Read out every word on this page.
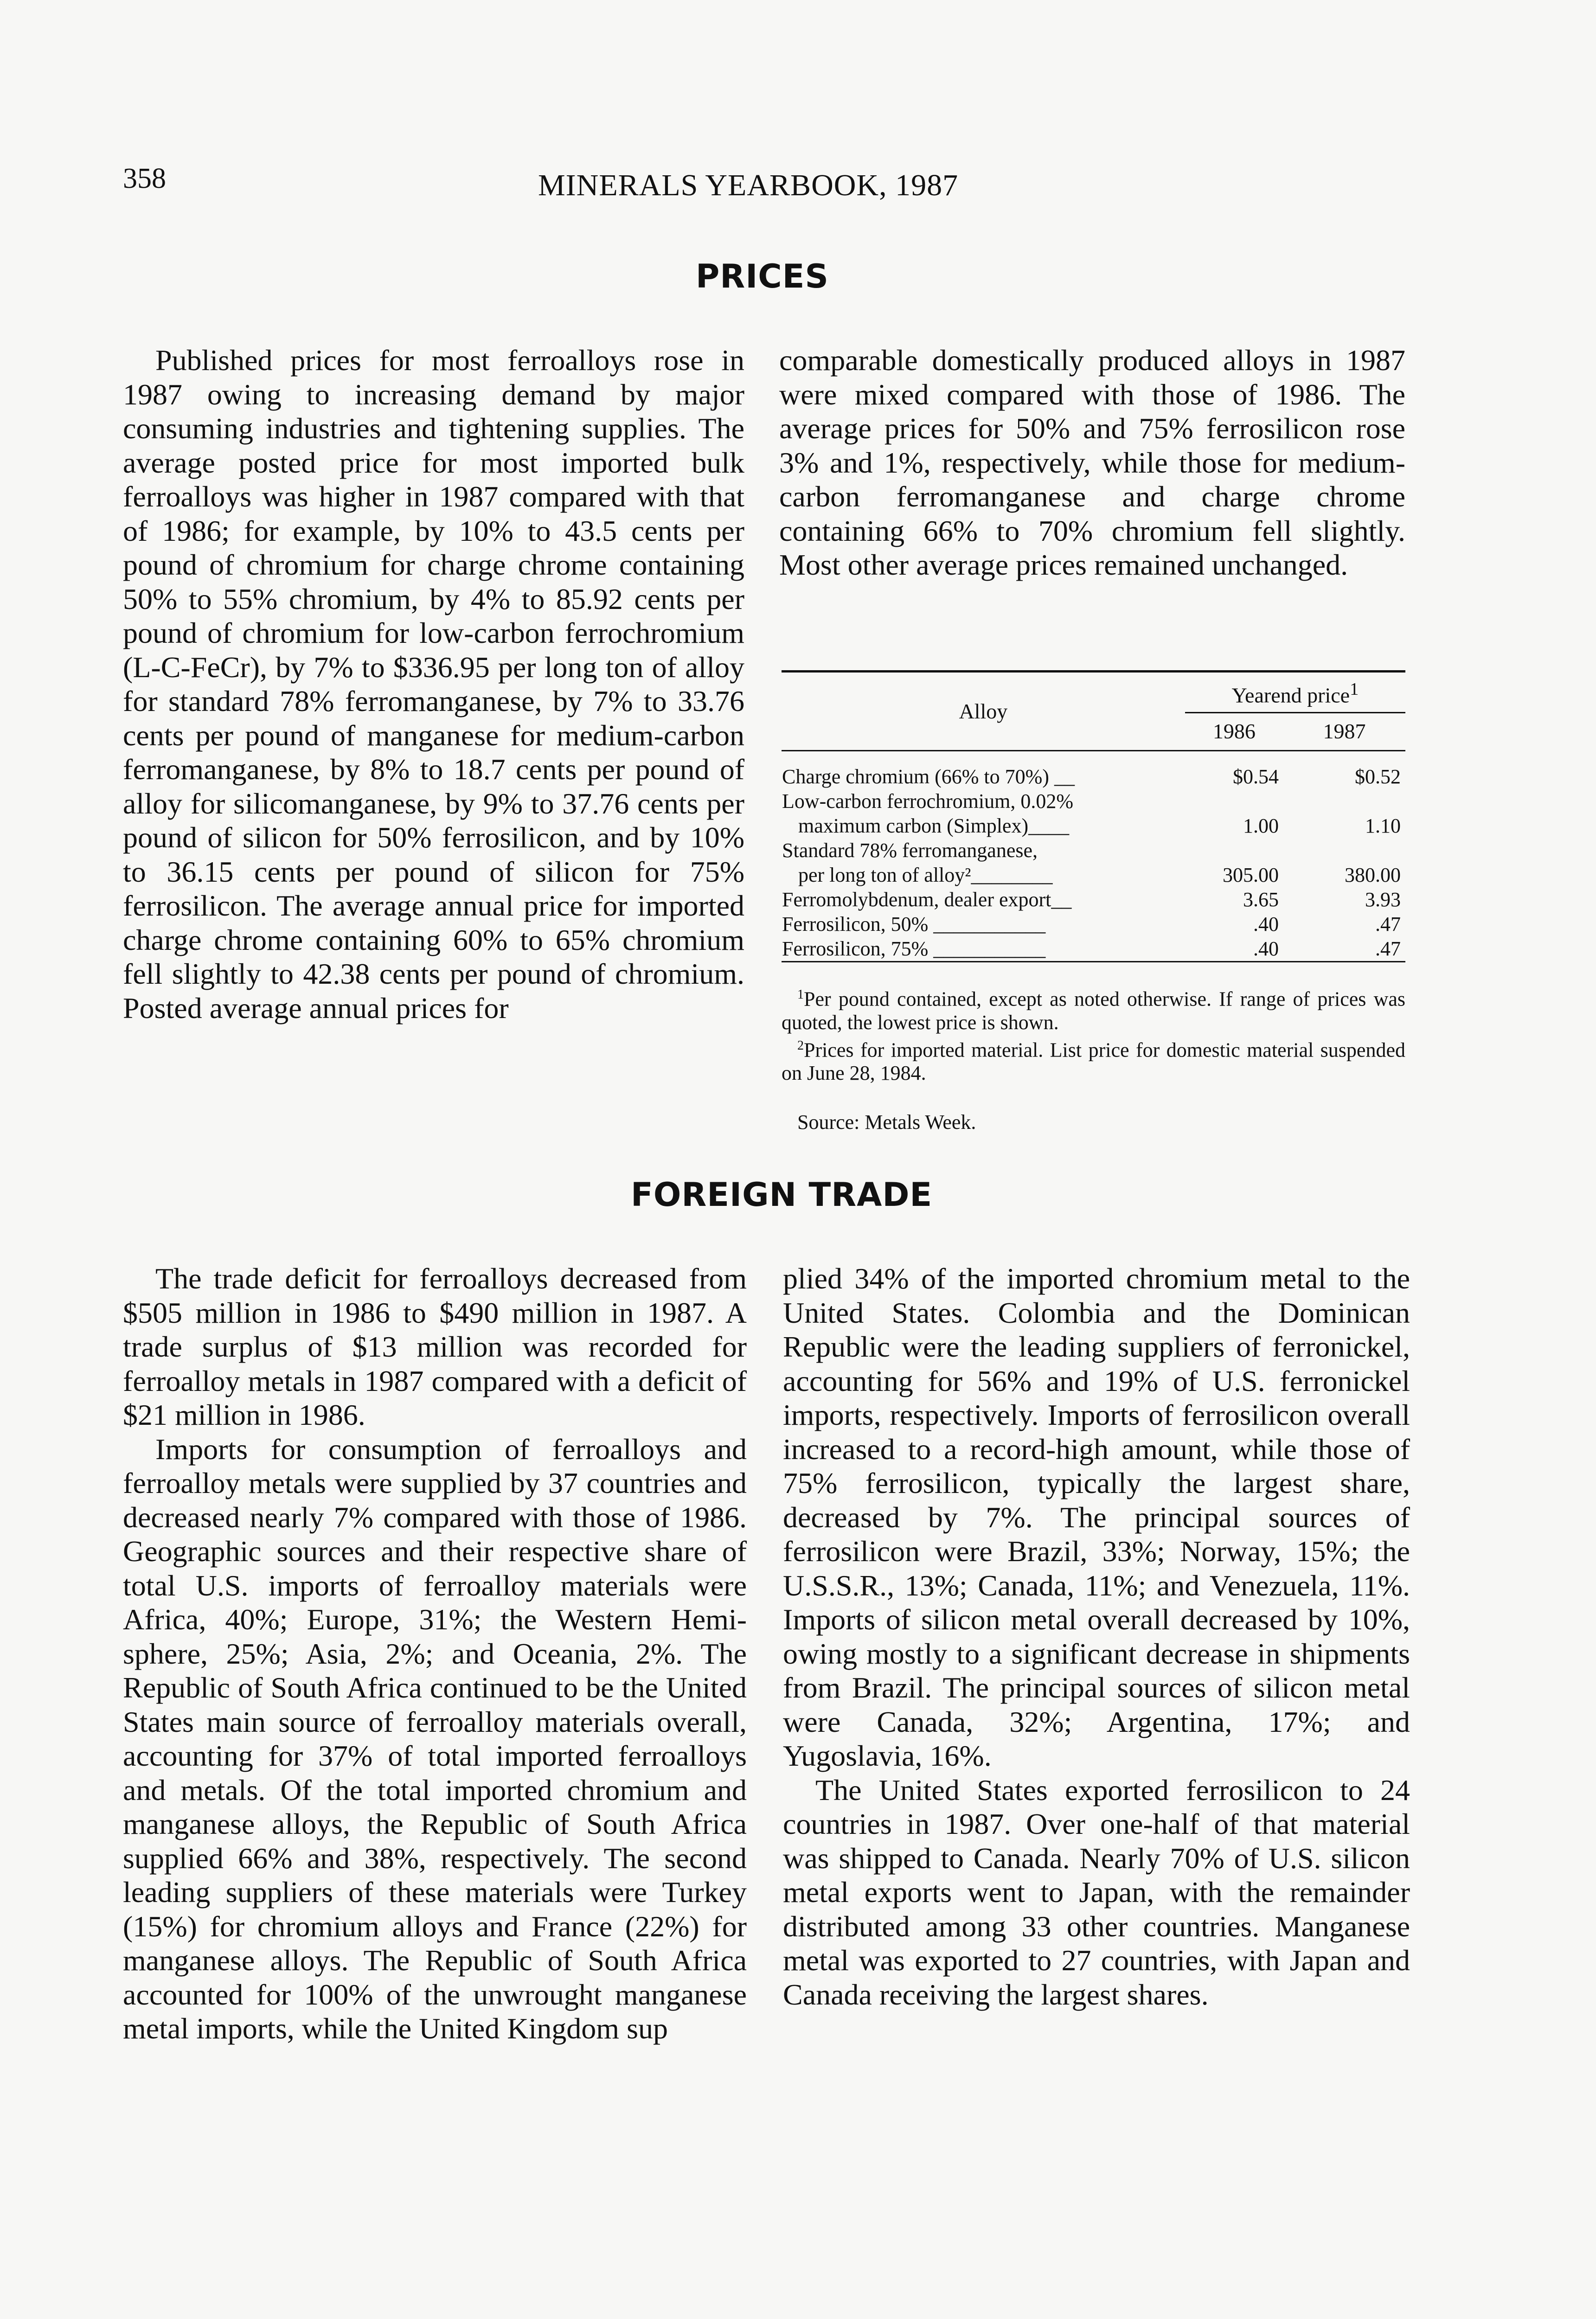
358	MINERALS YEARBOOK, 1987
PRICES

Published prices for most ferroalloys rose in 1987 owing to increasing demand by major consuming industries and tightening supplies. The average posted price for most imported bulk ferroalloys was higher in 1987 compared with that of 1986; for example, by 10% to 43.5 cents per pound of chromium for charge chrome containing 50% to 55% chromium, by 4% to 85.92 cents per pound of chromium for low-carbon ferrochromium (L-C-FeCr), by 7% to $336.95 per long ton of alloy for standard 78% ferromanganese, by 7% to 33.76 cents per pound of manganese for medium-carbon ferromanganese, by 8% to 18.7 cents per pound of alloy for silicomanganese, by 9% to 37.76 cents per pound of silicon for 50% ferrosilicon, and by 10% to 36.15 cents per pound of silicon for 75% ferrosilicon. The average annual price for imported charge chrome containing 60% to 65% chromium fell slightly to 42.38 cents per pound of chromium. Posted average annual prices for

comparable domestically produced alloys in 1987 were mixed compared with those of 1986. The average prices for 50% and 75% ferrosilicon rose 3% and 1%, respectively, while those for medium-carbon ferromanganese and charge chrome containing 66% to 70% chromium fell slightly. Most other average prices remained unchanged.

Alloy	Yearend price$^1$
	1986	1987

Charge chromium (66% to 70%) __	$0.54	$0.52
Low-carbon ferrochromium, 0.02%		
maximum carbon (Simplex)____	1.00	1.10
Standard 78% ferromanganese,		
per long ton of alloy²________	305.00	380.00
Ferromolybdenum, dealer export__	3.65	3.93
Ferrosilicon, 50% ___________	.40	.47
Ferrosilicon, 75% ___________	.40	.47

$^1$Per pound contained, except as noted otherwise. If range of prices was quoted, the lowest price is shown.

$^2$Prices for imported material. List price for domestic material suspended on June 28, 1984.

Source: Metals Week.

FOREIGN TRADE

The trade deficit for ferroalloys decreased from $505 million in 1986 to $490 million in 1987. A trade surplus of $13 million was recorded for ferroalloy metals in 1987 compared with a deficit of $21 million in 1986.

Imports for consumption of ferroalloys and ferroalloy metals were supplied by 37 countries and decreased nearly 7% compared with those of 1986. Geographic sources and their respective share of total U.S. imports of ferroalloy materials were Africa, 40%; Europe, 31%; the Western Hemisphere, 25%; Asia, 2%; and Oceania, 2%. The Republic of South Africa continued to be the United States main source of ferroalloy materials overall, accounting for 37% of total imported ferroalloys and metals. Of the total imported chromium and manganese alloys, the Republic of South Africa supplied 66% and 38%, respectively. The second leading suppliers of these materials were Turkey (15%) for chromium alloys and France (22%) for manganese alloys. The Republic of South Africa accounted for 100% of the unwrought manganese metal imports, while the United Kingdom sup

plied 34% of the imported chromium metal to the United States. Colombia and the Dominican Republic were the leading suppliers of ferronickel, accounting for 56% and 19% of U.S. ferronickel imports, respectively. Imports of ferrosilicon overall increased to a record-high amount, while those of 75% ferrosilicon, typically the largest share, decreased by 7%. The principal sources of ferrosilicon were Brazil, 33%; Norway, 15%; the U.S.S.R., 13%; Canada, 11%; and Venezuela, 11%. Imports of silicon metal overall decreased by 10%, owing mostly to a significant decrease in shipments from Brazil. The principal sources of silicon metal were Canada, 32%; Argentina, 17%; and Yugoslavia, 16%.

The United States exported ferrosilicon to 24 countries in 1987. Over one-half of that material was shipped to Canada. Nearly 70% of U.S. silicon metal exports went to Japan, with the remainder distributed among 33 other countries. Manganese metal was exported to 27 countries, with Japan and Canada receiving the largest shares.
